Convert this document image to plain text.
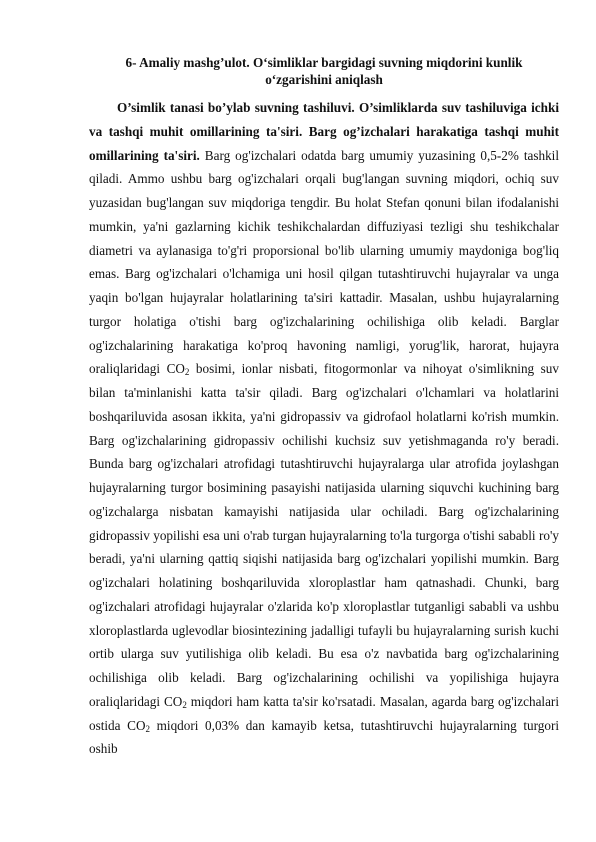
6- Amaliy mashg’ulot. O‘simliklar bargidagi suvning miqdorini kunlik
o‘zgarishini aniqlash

O’simlik tanasi bo’ylab suvning tashiluvi. O’simliklarda suv tashiluviga ichki va tashqi muhit omillarining ta'siri. Barg og’izchalari harakatiga tashqi muhit omillarining ta'siri. Barg og'izchalari odatda barg umumiy yuzasining 0,5-2% tashkil qiladi. Ammo ushbu barg og'izchalari orqali bug'langan suvning miqdori, ochiq suv yuzasidan bug'langan suv miqdoriga tengdir. Bu holat Stefan qonuni bilan ifodalanishi mumkin, ya'ni gazlarning kichik teshikchalardan diffuziyasi tezligi shu teshikchalar diametri va aylanasiga to'g'ri proporsional bo'lib ularning umumiy maydoniga bog'liq emas. Barg og'izchalari o'lchamiga uni hosil qilgan tutashtiruvchi hujayralar va unga yaqin bo'lgan hujayralar holatlarining ta'siri kattadir. Masalan, ushbu hujayralarning turgor holatiga o'tishi barg og'izchalarining ochilishiga olib keladi. Barglar og'izchalarining harakatiga ko'proq havoning namligi, yorug'lik, harorat, hujayra oraliqlaridagi $CO_2$ bosimi, ionlar nisbati, fitogormonlar va nihoyat o'simlikning suv bilan ta'minlanishi katta ta'sir qiladi. Barg og'izchalari o'lchamlari va holatlarini boshqariluvida asosan ikkita, ya'ni gidropassiv va gidrofaol holatlarni ko'rish mumkin. Barg og'izchalarining gidropassiv ochilishi kuchsiz suv yetishmaganda ro'y beradi. Bunda barg og'izchalari atrofidagi tutashtiruvchi hujayralarga ular atrofida joylashgan hujayralarning turgor bosimining pasayishi natijasida ularning siquvchi kuchining barg og'izchalarga nisbatan kamayishi natijasida ular ochiladi. Barg og'izchalarining gidropassiv yopilishi esa uni o'rab turgan hujayralarning to'la turgorga o'tishi sababli ro'y beradi, ya'ni ularning qattiq siqishi natijasida barg og'izchalari yopilishi mumkin. Barg og'izchalari holatining boshqariluvida xloroplastlar ham qatnashadi. Chunki, barg og'izchalari atrofidagi hujayralar o'zlarida ko'p xloroplastlar tutganligi sababli va ushbu xloroplastlarda uglevodlar biosintezining jadalligi tufayli bu hujayralarning surish kuchi ortib ularga suv yutilishiga olib keladi. Bu esa o'z navbatida barg og'izchalarining ochilishiga olib keladi. Barg og'izchalarining ochilishi va yopilishiga hujayra oraliqlaridagi $CO_2$ miqdori ham katta ta'sir ko'rsatadi. Masalan, agarda barg og'izchalari ostida $CO_2$ miqdori 0,03% dan kamayib ketsa, tutashtiruvchi hujayralarning turgori oshib
